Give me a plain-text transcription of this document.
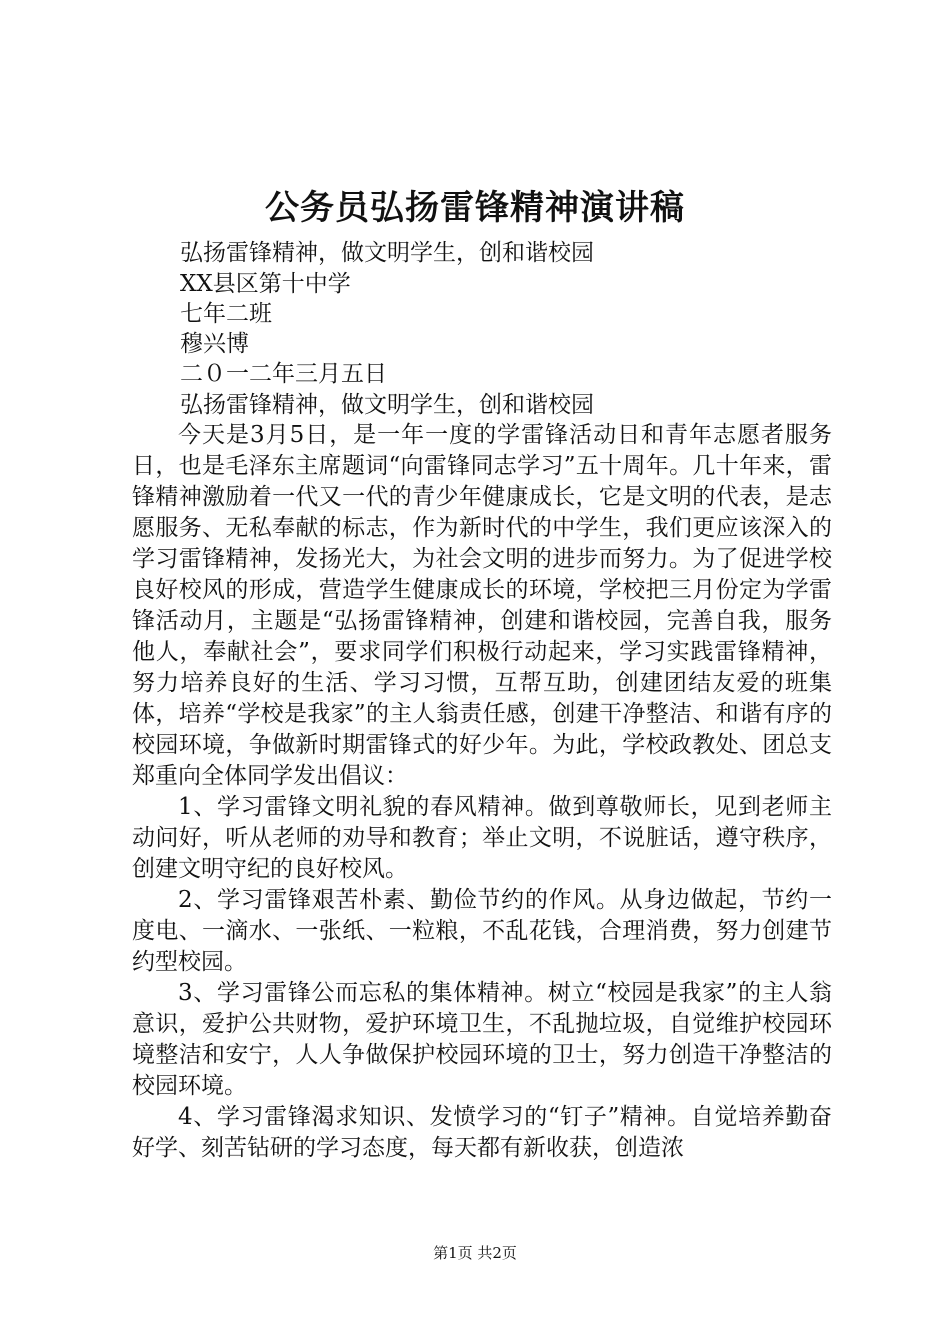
公务员弘扬雷锋精神演讲稿
弘扬雷锋精神，做文明学生，创和谐校园
XX县区第十中学
七年二班
穆兴博
二０一二年三月五日
弘扬雷锋精神，做文明学生，创和谐校园

今天是3月5日，是一年一度的学雷锋活动日和青年志愿者服务日，也是毛泽东主席题词“向雷锋同志学习”五十周年。几十年来，雷锋精神激励着一代又一代的青少年健康成长，它是文明的代表，是志愿服务、无私奉献的标志，作为新时代的中学生，我们更应该深入的学习雷锋精神，发扬光大，为社会文明的进步而努力。为了促进学校良好校风的形成，营造学生健康成长的环境，学校把三月份定为学雷锋活动月，主题是“弘扬雷锋精神，创建和谐校园，完善自我，服务他人，奉献社会”，要求同学们积极行动起来，学习实践雷锋精神，努力培养良好的生活、学习习惯，互帮互助，创建团结友爱的班集体，培养“学校是我家”的主人翁责任感，创建干净整洁、和谐有序的校园环境，争做新时期雷锋式的好少年。为此，学校政教处、团总支郑重向全体同学发出倡议：

1、学习雷锋文明礼貌的春风精神。做到尊敬师长，见到老师主动问好，听从老师的劝导和教育；举止文明，不说脏话，遵守秩序，创建文明守纪的良好校风。

2、学习雷锋艰苦朴素、勤俭节约的作风。从身边做起，节约一度电、一滴水、一张纸、一粒粮，不乱花钱，合理消费，努力创建节约型校园。

3、学习雷锋公而忘私的集体精神。树立“校园是我家”的主人翁意识，爱护公共财物，爱护环境卫生，不乱抛垃圾，自觉维护校园环境整洁和安宁，人人争做保护校园环境的卫士，努力创造干净整洁的校园环境。

4、学习雷锋渴求知识、发愤学习的“钉子”精神。自觉培养勤奋好学、刻苦钻研的学习态度，每天都有新收获，创造浓

第1页 共2页
